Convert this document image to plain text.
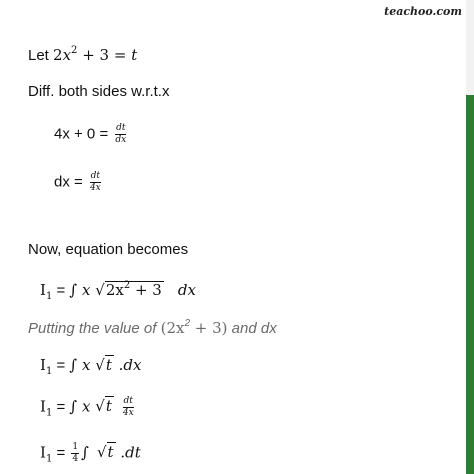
teachoo.com
Let $2x^2 + 3 = t$
Diff. both sides w.r.t.x
$4x + 0 = \frac{dt}{dx}$
dx = $\frac{dt}{4x}$
Now, equation becomes
$I_1$ = ∫ x $√2x^2 + 3$ dx
Putting the value of $(2x^2 + 3)$ and dx
$I_1$ = ∫ x √t .dx
$I_1$ = ∫ x $√t \frac{dt}{4x}$
$I_1 = \frac{1}{4}$ ∫ √t .dt
